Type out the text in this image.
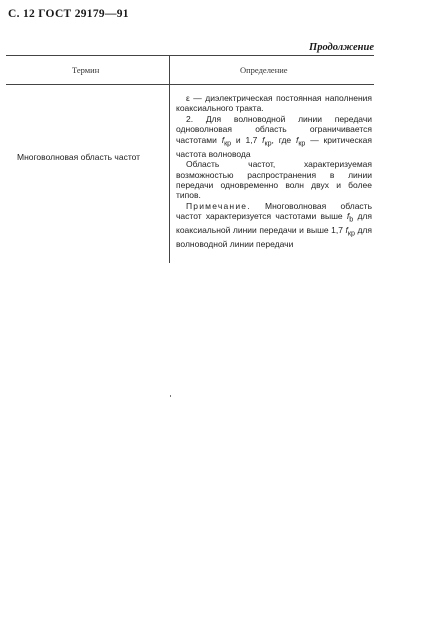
С. 12 ГОСТ 29179—91
Продолжение
Термин	Определение
Многоволновая область частот

ε — диэлектрическая постоянная наполнения коаксиального тракта.

2. Для волноводной линии передачи одноволновая область ограничивается частотами $f_{кр}$ и 1,7 $f_{кр}$, где $f_{кр}$ — критическая частота волновода

Область частот, характеризуемая возможностью распространения в линии передачи одновременно волн двух и более типов.

Примечание. Многоволновая область частот характеризуется частотами выше $f_b$ для коаксиальной линии передачи и выше 1,7 $f_{кр}$ для волноводной линии передачи
